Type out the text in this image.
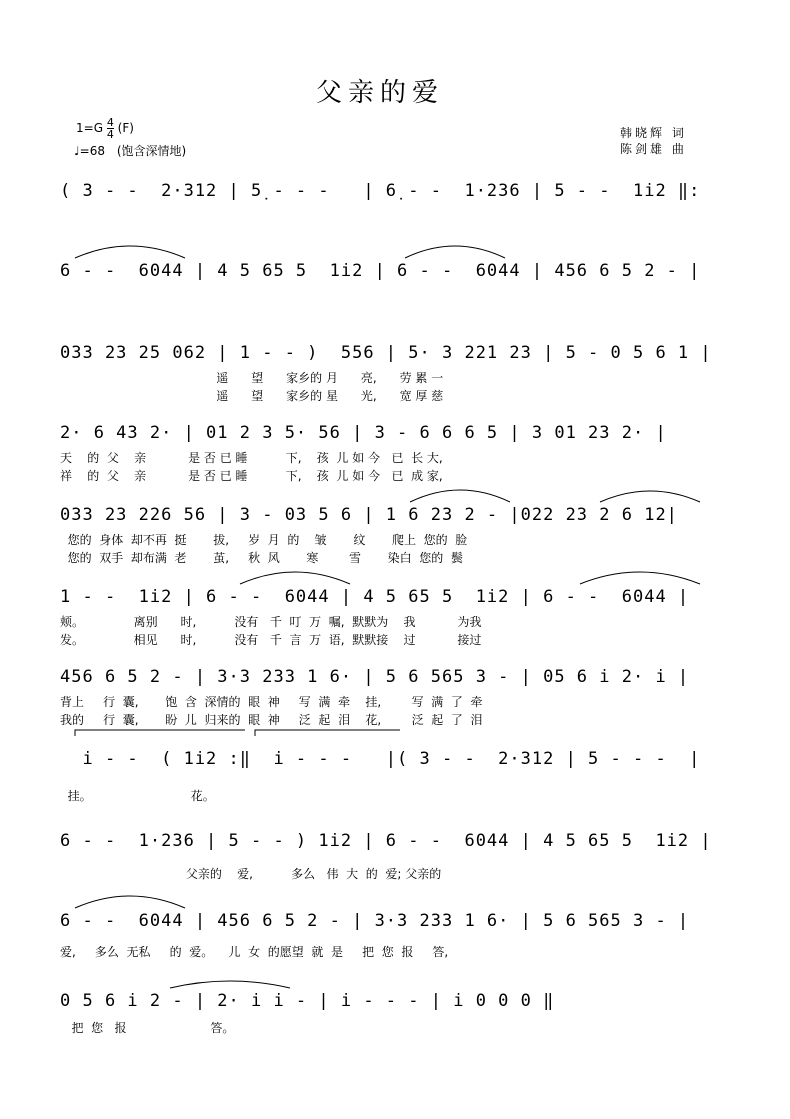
父亲的爱
$1=G \frac{4}{4} (F)$
♩=68 (饱含深情地)
韩晓辉 词
陈剑雄 曲
( 3 - -  2·312 | 5̣ - - -   | 6̣ - -  1·236 | 5 - -  1i2 ‖:
6 - -  6044 | 4 5 65 5  1i2 | 6 - -  6044 | 456 6 5 2 - |
033 23 25 062 | 1 - - )  556 | 5· 3 221 23 | 5 - 0 5 6 1 |
遥      望      家乡的 月      亮,      劳 累 一
遥      望      家乡的 星      光,      宽 厚 慈
2· 6 43 2· | 01 2 3 5· 56 | 3 - 6 6 6 5 | 3 01 23 2· |
天    的  父    亲           是 否 已 睡          下,    孩  儿 如 今   已  长 大,
祥    的  父    亲           是 否 已 睡          下,    孩  儿 如 今   已  成 家,
033 23 226 56 | 3 - 03 5 6 | 1 6 23 2 - |022 23 2 6 12|
您的  身体  却不再  挺       拔,     岁  月  的    皱       纹       爬上  您的  脸
您的  双手  却布满  老       茧,     秋  风       寒        雪       染白  您的  鬓
1 - -  1i2 | 6 - -  6044 | 4 5 65 5  1i2 | 6 - -  6044 |
颊。             离别      时,          没有   千  叮  万  嘱,  默默为    我           为我
发。             相见      时,          没有   千  言  万  语,  默默接    过           接过
456 6 5 2 - | 3·3 233 1 6· | 5 6 565 3 - | 05 6 i 2· i |
背上     行  囊,       饱  含  深情的  眼  神     写  满  牵    挂,        写  满  了  牵
我的     行  囊,       盼  儿  归来的  眼  神     泛  起  泪    花,        泛  起  了  泪
i - -  ( 1i2 :‖  i - - -   |( 3 - -  2·312 | 5 - - -  |
挂。                          花。
6 - -  1·236 | 5 - - ) 1i2 | 6 - -  6044 | 4 5 65 5  1i2 |
父亲的    爱,          多么   伟  大  的  爱; 父亲的
6 - -  6044 | 456 6 5 2 - | 3·3 233 1 6· | 5 6 565 3 - |
爱,     多么  无私     的  爱。    儿  女  的愿望  就  是     把  您  报     答,
0 5 6 i 2 - | 2· i i - | i - - - | i 0 0 0 ‖
把  您   报                      答。
